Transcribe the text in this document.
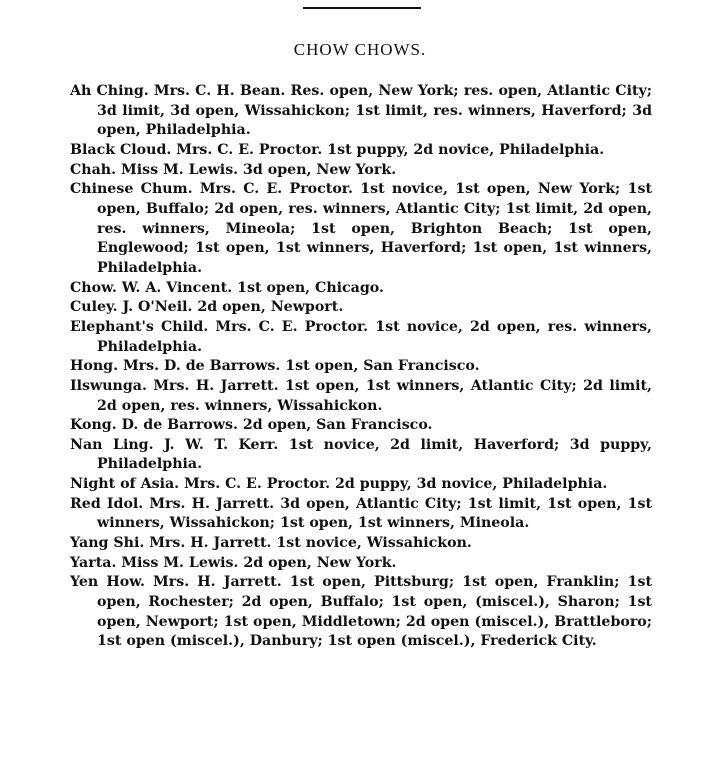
CHOW CHOWS.
Ah Ching. Mrs. C. H. Bean. Res. open, New York; res. open, Atlantic City; 3d limit, 3d open, Wissahickon; 1st limit, res. winners, Haverford; 3d open, Philadelphia.
Black Cloud. Mrs. C. E. Proctor. 1st puppy, 2d novice, Philadelphia.
Chah. Miss M. Lewis. 3d open, New York.
Chinese Chum. Mrs. C. E. Proctor. 1st novice, 1st open, New York; 1st open, Buffalo; 2d open, res. winners, Atlantic City; 1st limit, 2d open, res. winners, Mineola; 1st open, Brighton Beach; 1st open, Englewood; 1st open, 1st winners, Haverford; 1st open, 1st winners, Philadelphia.
Chow. W. A. Vincent. 1st open, Chicago.
Culey. J. O'Neil. 2d open, Newport.
Elephant's Child. Mrs. C. E. Proctor. 1st novice, 2d open, res. winners, Philadelphia.
Hong. Mrs. D. de Barrows. 1st open, San Francisco.
Ilswunga. Mrs. H. Jarrett. 1st open, 1st winners, Atlantic City; 2d limit, 2d open, res. winners, Wissahickon.
Kong. D. de Barrows. 2d open, San Francisco.
Nan Ling. J. W. T. Kerr. 1st novice, 2d limit, Haverford; 3d puppy, Philadelphia.
Night of Asia. Mrs. C. E. Proctor. 2d puppy, 3d novice, Philadelphia.
Red Idol. Mrs. H. Jarrett. 3d open, Atlantic City; 1st limit, 1st open, 1st winners, Wissahickon; 1st open, 1st winners, Mineola.
Yang Shi. Mrs. H. Jarrett. 1st novice, Wissahickon.
Yarta. Miss M. Lewis. 2d open, New York.
Yen How. Mrs. H. Jarrett. 1st open, Pittsburg; 1st open, Franklin; 1st open, Rochester; 2d open, Buffalo; 1st open, (miscel.), Sharon; 1st open, Newport; 1st open, Middletown; 2d open (miscel.), Brattleboro; 1st open (miscel.), Danbury; 1st open (miscel.), Frederick City.
